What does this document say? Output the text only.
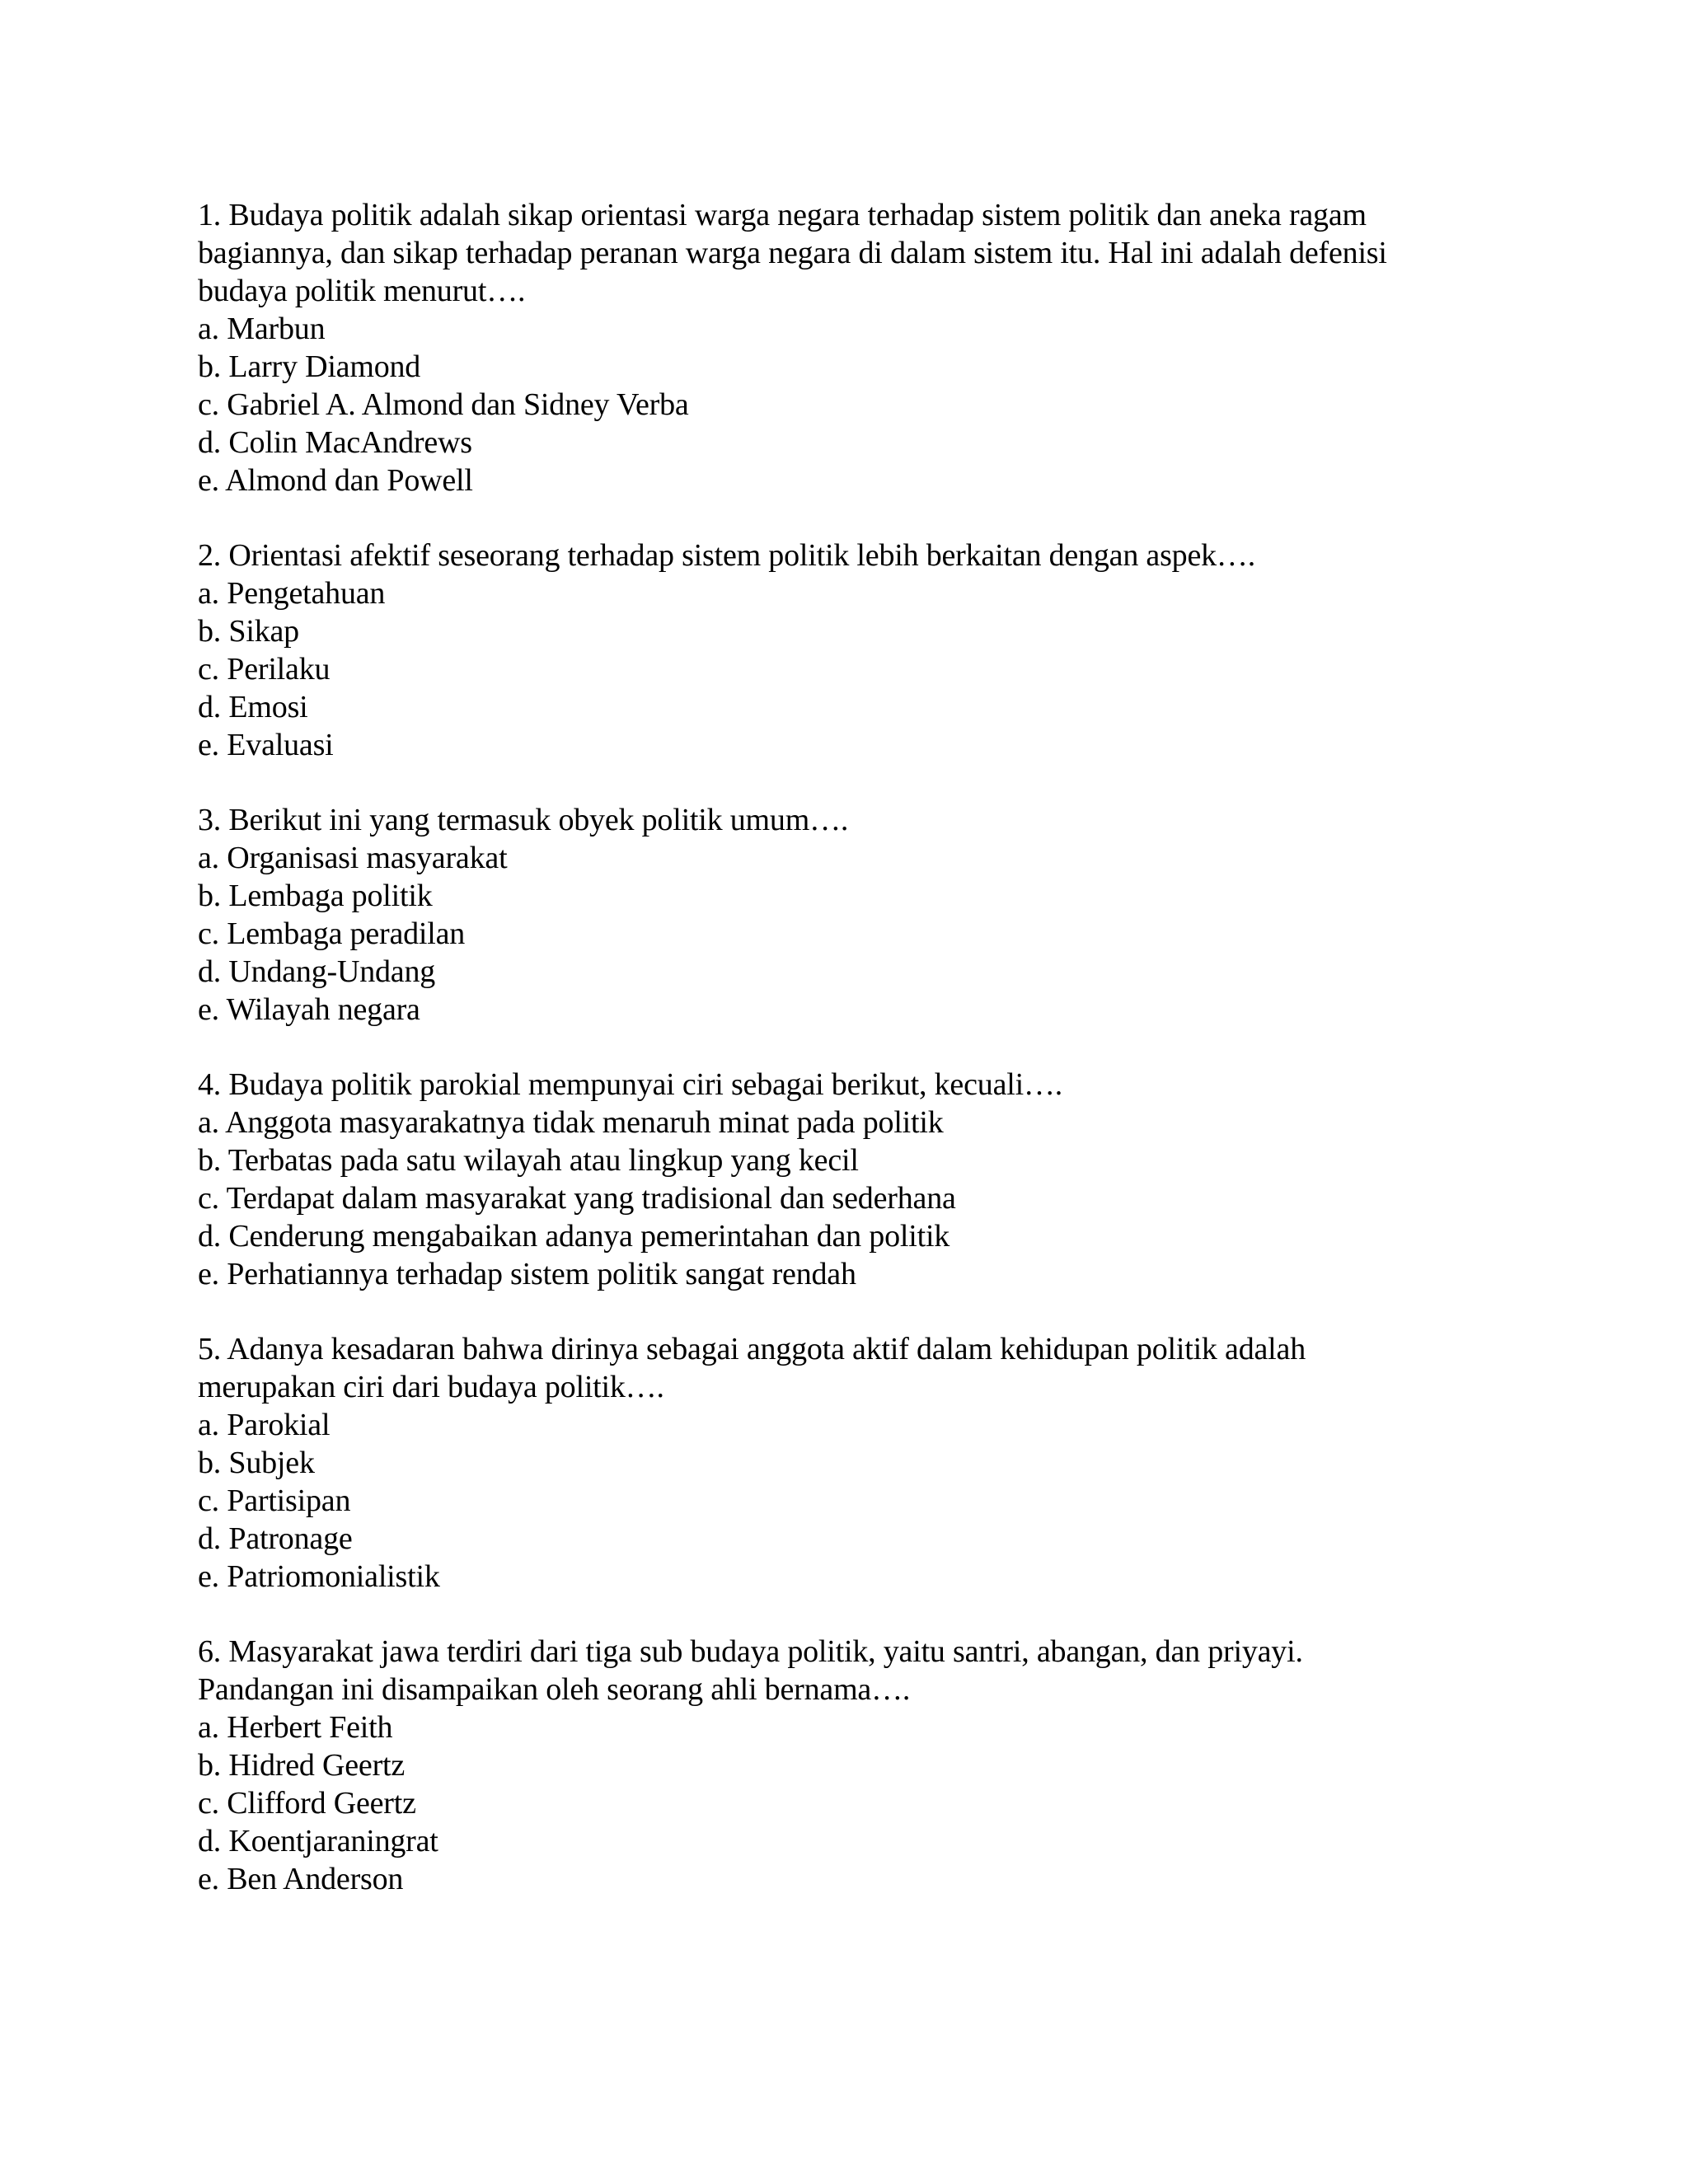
1. Budaya politik adalah sikap orientasi warga negara terhadap sistem politik dan aneka ragam
bagiannya, dan sikap terhadap peranan warga negara di dalam sistem itu. Hal ini adalah defenisi
budaya politik menurut….
a. Marbun
b. Larry Diamond
c. Gabriel A. Almond dan Sidney Verba
d. Colin MacAndrews
e. Almond dan Powell
2. Orientasi afektif seseorang terhadap sistem politik lebih berkaitan dengan aspek….
a. Pengetahuan
b. Sikap
c. Perilaku
d. Emosi
e. Evaluasi
3. Berikut ini yang termasuk obyek politik umum….
a. Organisasi masyarakat
b. Lembaga politik
c. Lembaga peradilan
d. Undang-Undang
e. Wilayah negara
4. Budaya politik parokial mempunyai ciri sebagai berikut, kecuali….
a. Anggota masyarakatnya tidak menaruh minat pada politik
b. Terbatas pada satu wilayah atau lingkup yang kecil
c. Terdapat dalam masyarakat yang tradisional dan sederhana
d. Cenderung mengabaikan adanya pemerintahan dan politik
e. Perhatiannya terhadap sistem politik sangat rendah
5. Adanya kesadaran bahwa dirinya sebagai anggota aktif dalam kehidupan politik adalah
merupakan ciri dari budaya politik….
a. Parokial
b. Subjek
c. Partisipan
d. Patronage
e. Patriomonialistik
6. Masyarakat jawa terdiri dari tiga sub budaya politik, yaitu santri, abangan, dan priyayi.
Pandangan ini disampaikan oleh seorang ahli bernama….
a. Herbert Feith
b. Hidred Geertz
c. Clifford Geertz
d. Koentjaraningrat
e. Ben Anderson
